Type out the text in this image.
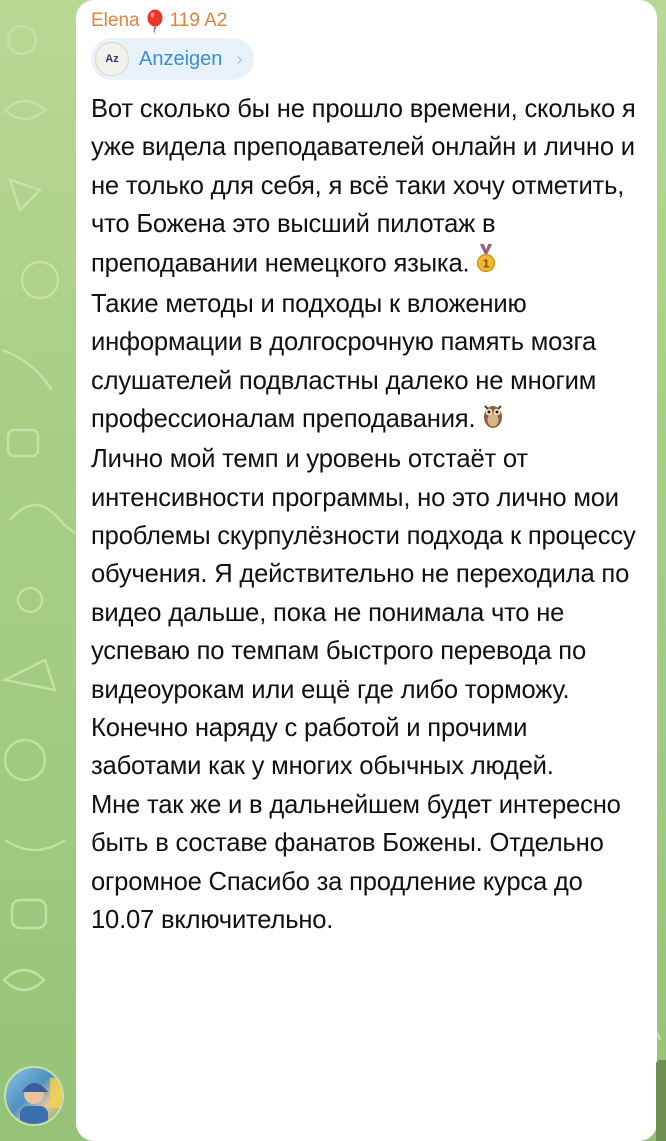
Elena 119 A2
Az Anzeigen ›

Вот сколько бы не прошло времени, сколько я уже видела преподавателей онлайн и лично и не только для себя, я всё таки хочу отметить, что Божена это высший пилотаж в преподавании немецкого языка. 1

Такие методы и подходы к вложению информации в долгосрочную память мозга слушателей подвластны далеко не многим профессионалам преподавания.

Лично мой темп и уровень отстаёт от интенсивности программы, но это лично мои проблемы скурпулёзности подхода к процессу обучения. Я действительно не переходила по видео дальше, пока не понимала что не успеваю по темпам быстрого перевода по видеоурокам или ещё где либо торможу. Конечно наряду с работой и прочими заботами как у многих обычных людей.

Мне так же и в дальнейшем будет интересно быть в составе фанатов Божены. Отдельно огромное Спасибо за продление курса до 10.07 включительно.
